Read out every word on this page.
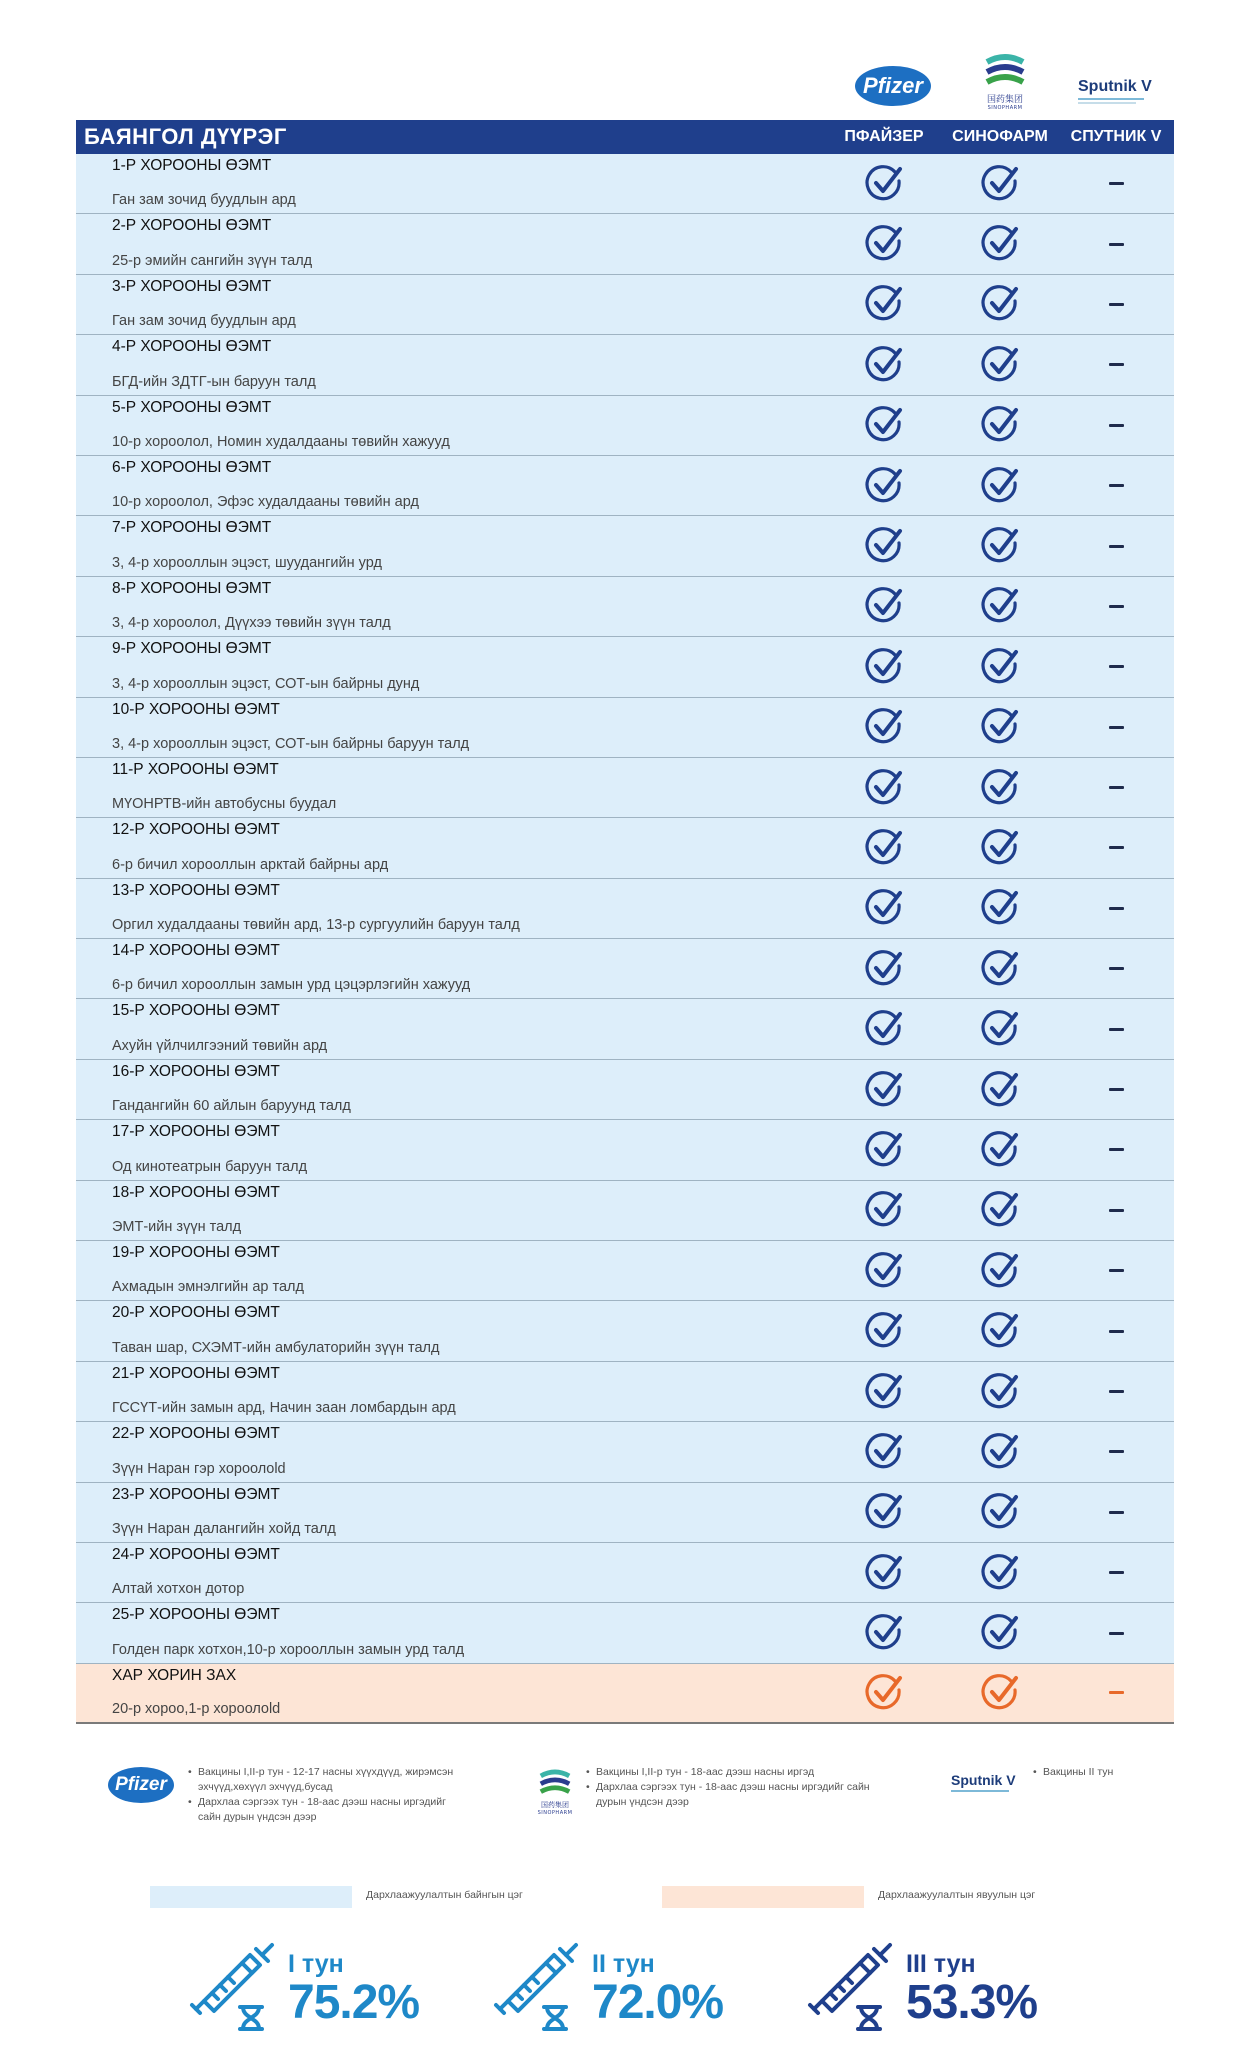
Pfizer
国药集团
SINOPHARM
Sputnik V
БАЯНГОЛ ДҮҮРЭГ	ПФАЙЗЕР	СИНОФАРМ	СПУТНИК V
1-Р ХОРООНЫ ӨЭМТ
Ган зам зочид буудлын ард
2-Р ХОРООНЫ ӨЭМТ
25-р эмийн сангийн зүүн талд
3-Р ХОРООНЫ ӨЭМТ
Ган зам зочид буудлын ард
4-Р ХОРООНЫ ӨЭМТ
БГД-ийн ЗДТГ-ын баруун талд
5-Р ХОРООНЫ ӨЭМТ
10-р хороолол, Номин худалдааны төвийн хажууд
6-Р ХОРООНЫ ӨЭМТ
10-р хороолол, Эфэс худалдааны төвийн ард
7-Р ХОРООНЫ ӨЭМТ
3, 4-р хорооллын эцэст, шуудангийн урд
8-Р ХОРООНЫ ӨЭМТ
3, 4-р хороолол, Дүүхээ төвийн зүүн талд
9-Р ХОРООНЫ ӨЭМТ
3, 4-р хорооллын эцэст, СОТ-ын байрны дунд
10-Р ХОРООНЫ ӨЭМТ
3, 4-р хорооллын эцэст, СОТ-ын байрны баруун талд
11-Р ХОРООНЫ ӨЭМТ
МҮОНРТВ-ийн автобусны буудал
12-Р ХОРООНЫ ӨЭМТ
6-р бичил хорооллын арктай байрны ард
13-Р ХОРООНЫ ӨЭМТ
Оргил худалдааны төвийн ард, 13-р сургуулийн баруун талд
14-Р ХОРООНЫ ӨЭМТ
6-р бичил хорооллын замын урд цэцэрлэгийн хажууд
15-Р ХОРООНЫ ӨЭМТ
Ахуйн үйлчилгээний төвийн ард
16-Р ХОРООНЫ ӨЭМТ
Гандангийн 60 айлын баруунд талд
17-Р ХОРООНЫ ӨЭМТ
Од кинотеатрын баруун талд
18-Р ХОРООНЫ ӨЭМТ
ЭМТ-ийн зүүн талд
19-Р ХОРООНЫ ӨЭМТ
Ахмадын эмнэлгийн ар талд
20-Р ХОРООНЫ ӨЭМТ
Таван шар, СХЭМТ-ийн амбулаторийн зүүн талд
21-Р ХОРООНЫ ӨЭМТ
ГССҮТ-ийн замын ард, Начин заан ломбардын ард
22-Р ХОРООНЫ ӨЭМТ
Зүүн Наран гэр хороолold
23-Р ХОРООНЫ ӨЭМТ
Зүүн Наран далангийн хойд талд
24-Р ХОРООНЫ ӨЭМТ
Алтай хотхон дотор
25-Р ХОРООНЫ ӨЭМТ
Голден парк хотхон,10-р хорооллын замын урд талд
ХАР ХОРИН ЗАХ
20-р хороо,1-р хороолold
Pfizer
• Вакцины I,II-р тун - 12-17 насны хүүхдүүд, жирэмсэн эхчүүд,хөхүүл эхчүүд,бусад
• Дархлаа сэргээх тун - 18-аас дээш насны иргэдийг сайн дурын үндсэн дээр
国药集团
SINOPHARM
• Вакцины I,II-р тун - 18-аас дээш насны иргэд
• Дархлаа сэргээх тун - 18-аас дээш насны иргэдийг сайн дурын үндсэн дээр
Sputnik V
•	Вакцины II тун
Дархлаажуулалтын байнгын цэг	Дархлаажуулалтын явуулын цэг
I тун
75.2%
II тун
72.0%
III тун
53.3%
